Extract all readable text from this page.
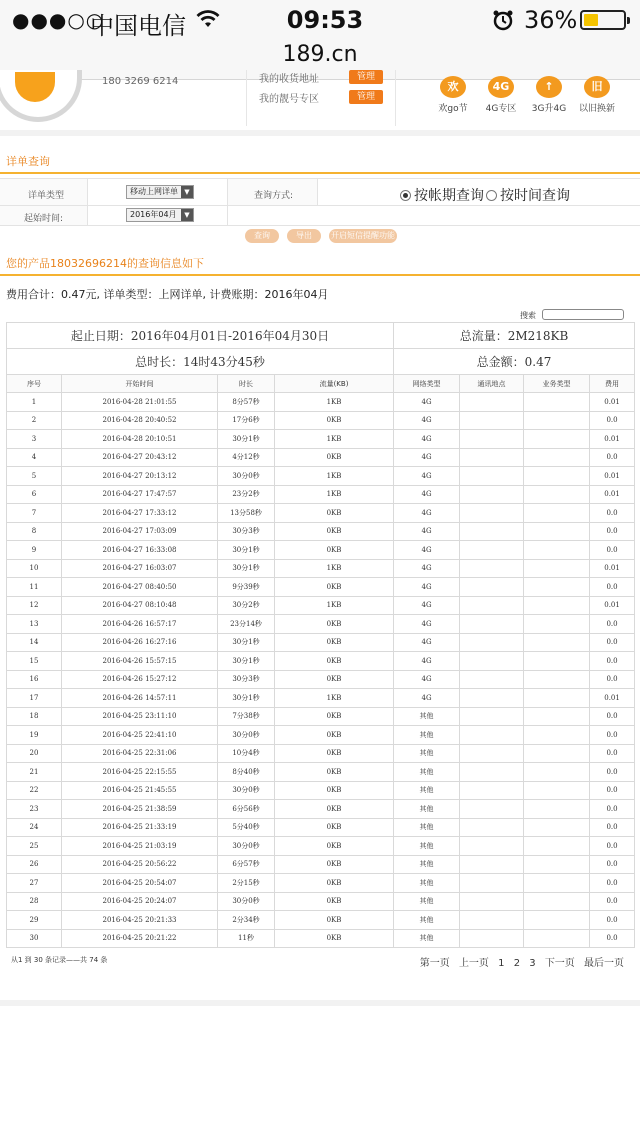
●●●○○
中国电信	09:53	36%
189.cn
180 3269 6214	我的收货地址	管理
我的靓号专区	管理
欢
欢go节
4G
4G专区
↑
3G升4G
旧
以旧换新
详单查询
详单类型	移动上网详单 ▼	查询方式:	按帐期查询	按时间查询
起始时间:	2016年04月	▼
查询	导出	开启短信提醒功能
您的产品18032696214的查询信息如下
费用合计：0.47元, 详单类型：上网详单, 计费账期：2016年04月
搜索
起止日期：2016年04月01日-2016年04月30日				总流量：2M218KB			
总时长：14时43分45秒				总金额：0.47			
序号	开始时间	时长	流量(KB)	网络类型	通讯地点	业务类型	费用
1	2016-04-28 21:01:55	8分57秒	1KB	4G			0.01
2	2016-04-28 20:40:52	17分6秒	0KB	4G			0.0
3	2016-04-28 20:10:51	30分1秒	1KB	4G			0.01
4	2016-04-27 20:43:12	4分12秒	0KB	4G			0.0
5	2016-04-27 20:13:12	30分0秒	1KB	4G			0.01
6	2016-04-27 17:47:57	23分2秒	1KB	4G			0.01
7	2016-04-27 17:33:12	13分58秒	0KB	4G			0.0
8	2016-04-27 17:03:09	30分3秒	0KB	4G			0.0
9	2016-04-27 16:33:08	30分1秒	0KB	4G			0.0
10	2016-04-27 16:03:07	30分1秒	1KB	4G			0.01
11	2016-04-27 08:40:50	9分39秒	0KB	4G			0.0
12	2016-04-27 08:10:48	30分2秒	1KB	4G			0.01
13	2016-04-26 16:57:17	23分14秒	0KB	4G			0.0
14	2016-04-26 16:27:16	30分1秒	0KB	4G			0.0
15	2016-04-26 15:57:15	30分1秒	0KB	4G			0.0
16	2016-04-26 15:27:12	30分3秒	0KB	4G			0.0
17	2016-04-26 14:57:11	30分1秒	1KB	4G			0.01
18	2016-04-25 23:11:10	7分38秒	0KB	其他			0.0
19	2016-04-25 22:41:10	30分0秒	0KB	其他			0.0
20	2016-04-25 22:31:06	10分4秒	0KB	其他			0.0
21	2016-04-25 22:15:55	8分40秒	0KB	其他			0.0
22	2016-04-25 21:45:55	30分0秒	0KB	其他			0.0
23	2016-04-25 21:38:59	6分56秒	0KB	其他			0.0
24	2016-04-25 21:33:19	5分40秒	0KB	其他			0.0
25	2016-04-25 21:03:19	30分0秒	0KB	其他			0.0
26	2016-04-25 20:56:22	6分57秒	0KB	其他			0.0
27	2016-04-25 20:54:07	2分15秒	0KB	其他			0.0
28	2016-04-25 20:24:07	30分0秒	0KB	其他			0.0
29	2016-04-25 20:21:33	2分34秒	0KB	其他			0.0
30	2016-04-25 20:21:22	11秒	0KB	其他			0.0
从1 到 30 条记录——共 74 条	第一页 上一页 1 2 3 下一页 最后一页
